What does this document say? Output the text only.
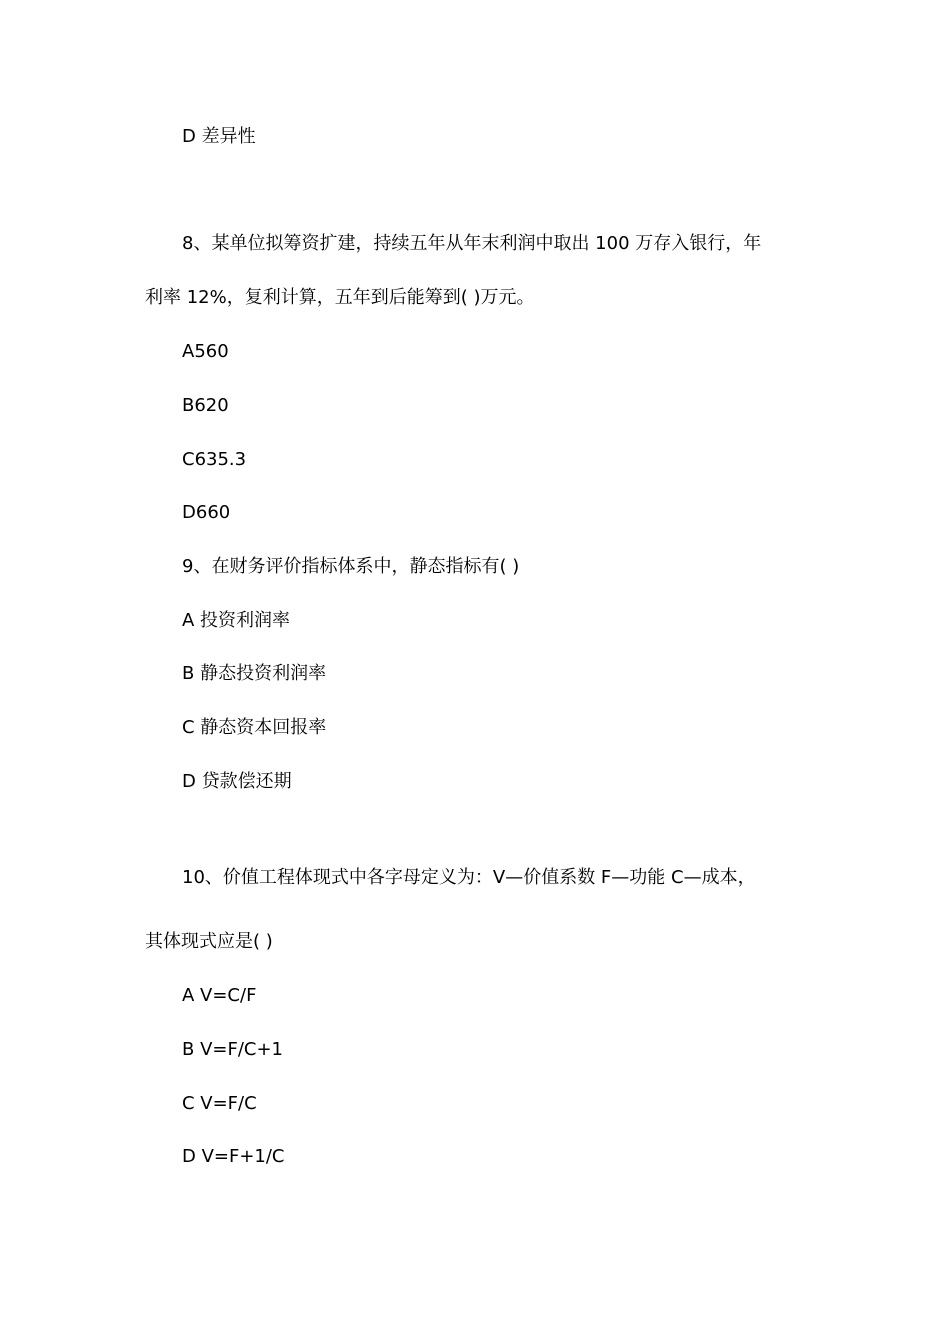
D 差异性
8、某单位拟筹资扩建，持续五年从年末利润中取出 100 万存入银行，年
利率 12%，复利计算，五年到后能筹到( )万元。
A560
B620
C635.3
D660
9、在财务评价指标体系中，静态指标有( )
A 投资利润率
B 静态投资利润率
C 静态资本回报率
D 贷款偿还期
10、价值工程体现式中各字母定义为：V—价值系数 F—功能 C—成本，
其体现式应是( )
A V=C/F
B V=F/C+1
C V=F/C
D V=F+1/C
